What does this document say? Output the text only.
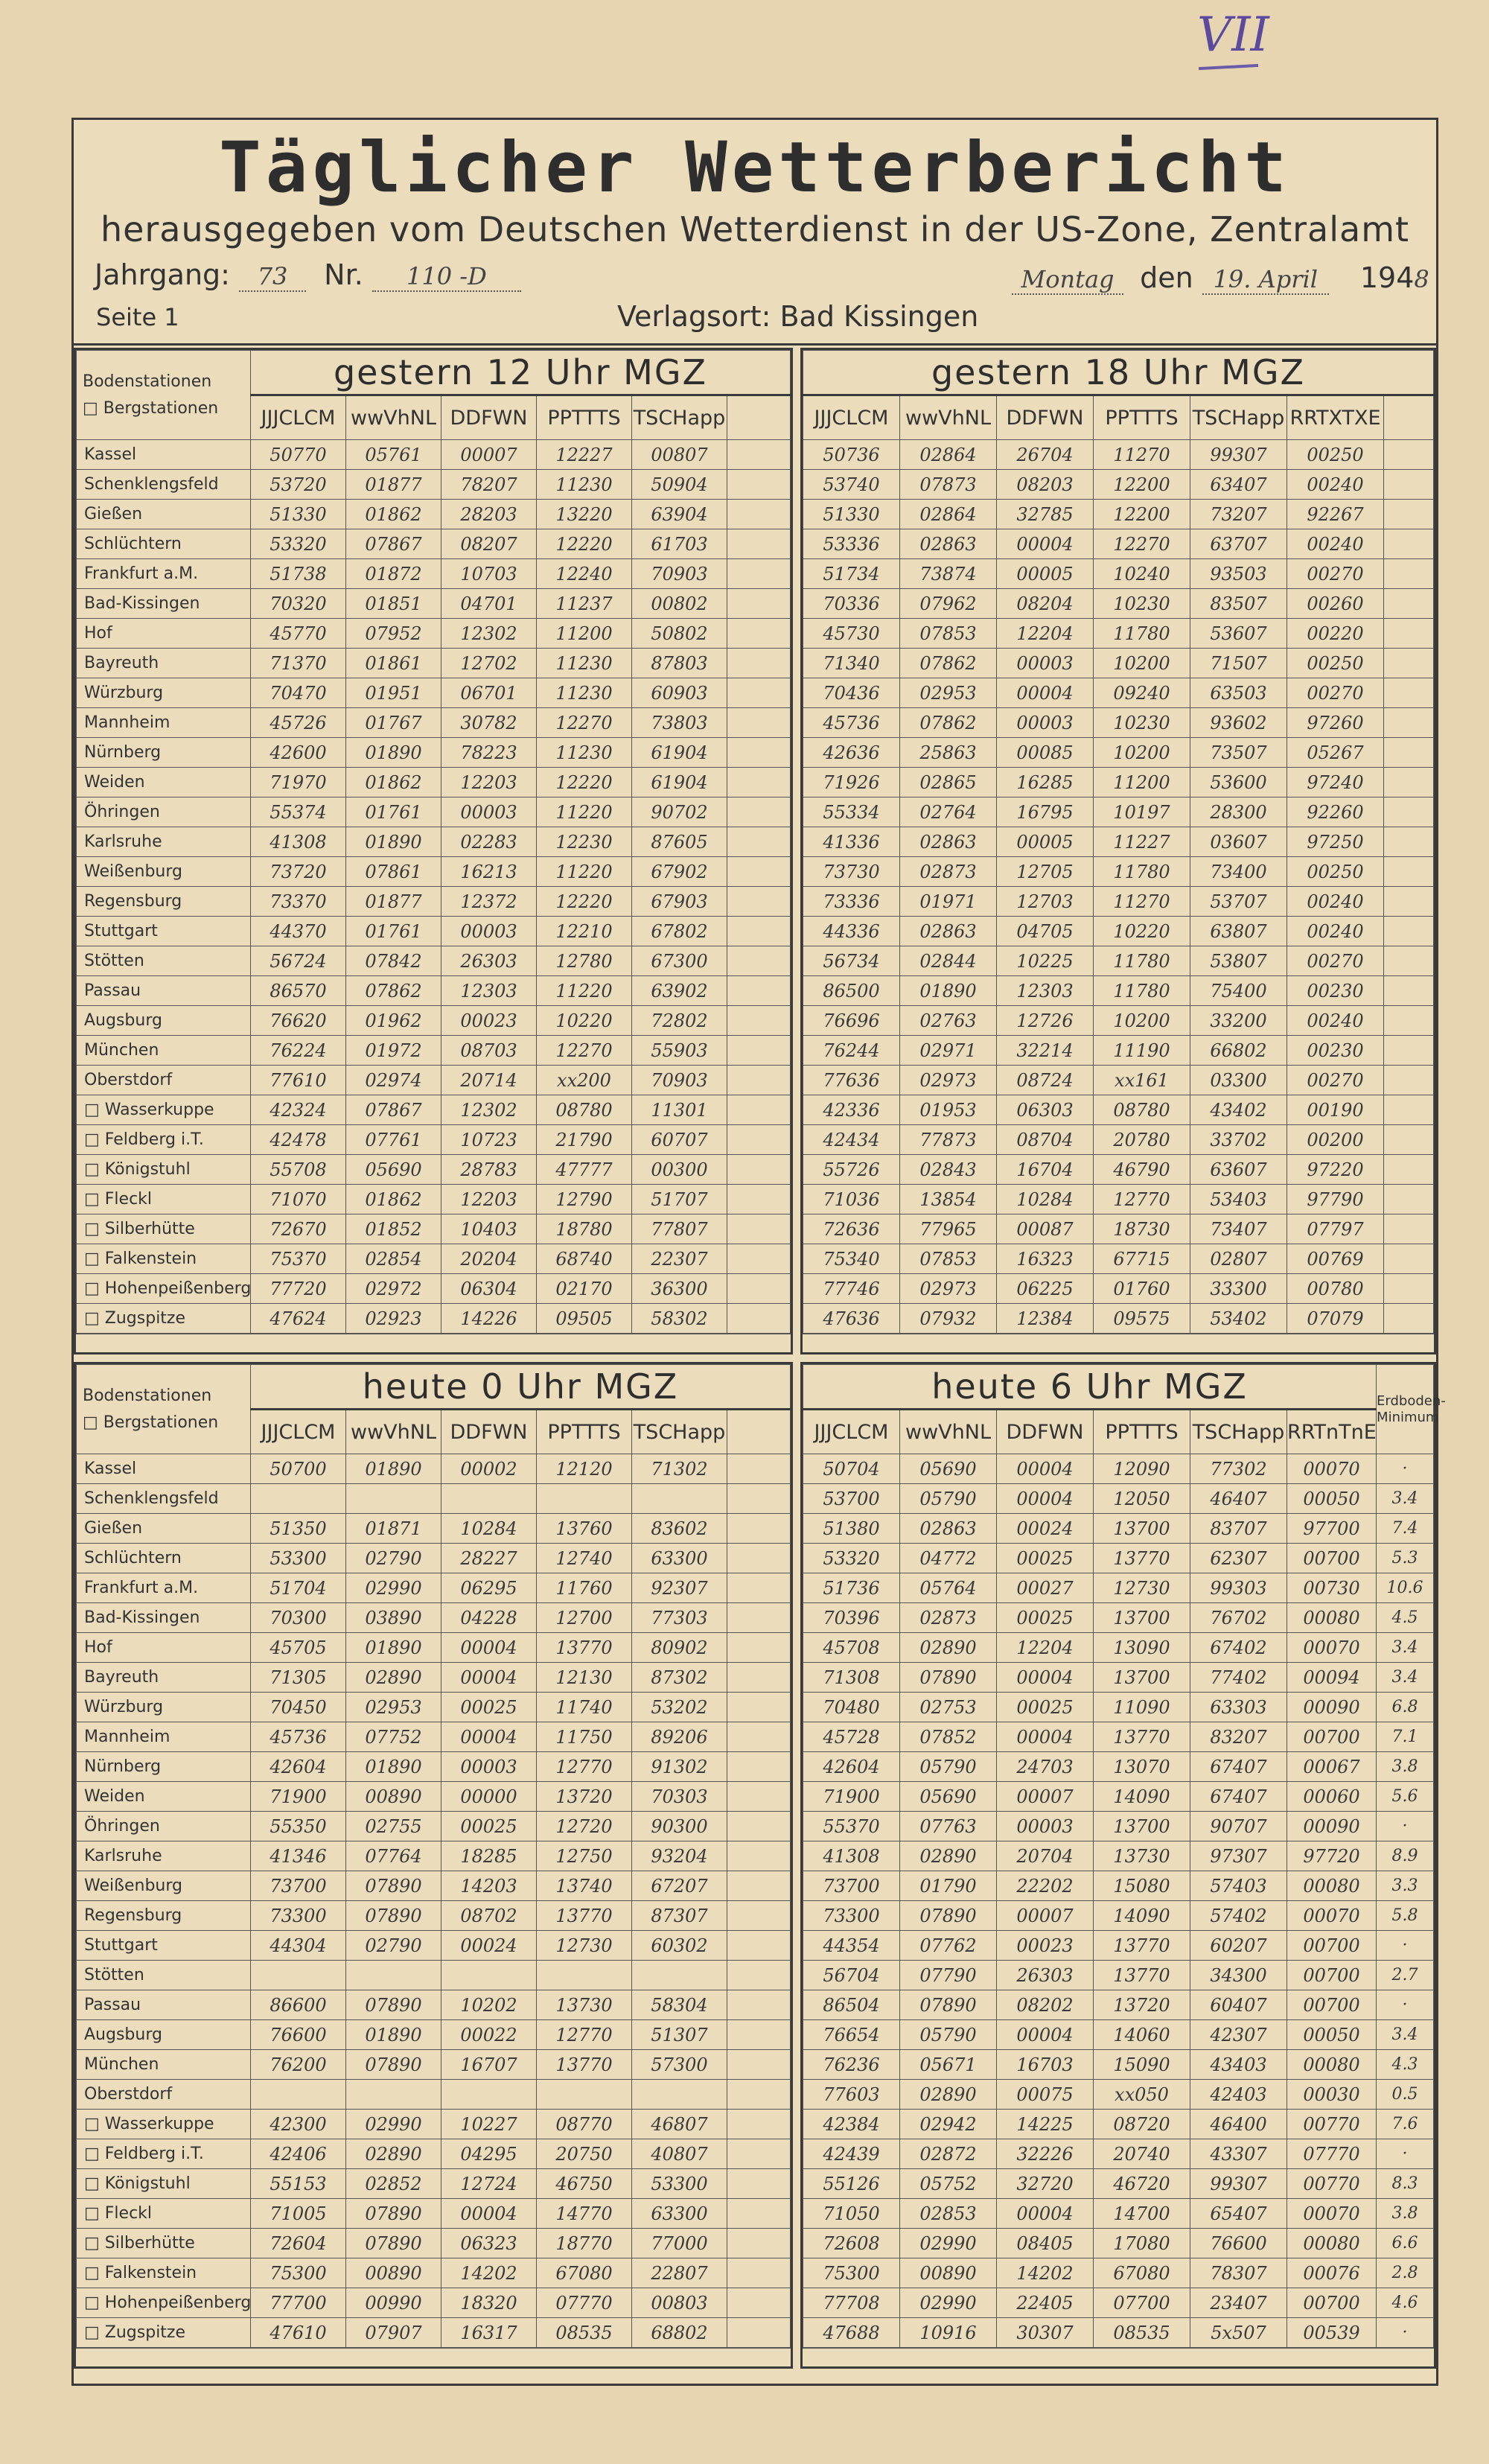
VII
Täglicher Wetterbericht
herausgegeben vom Deutschen Wetterdienst in der US-Zone, Zentralamt
Jahrgang: 73 Nr. 110 -D	Montag den 19. April 1948
Seite 1	Verlagsort: Bad Kissingen
Bodenstationen
□ Bergstationen	gestern 12 Uhr MGZ					
	JJJCLCM	wwVhNL	DDFWN	PPTTTS	TSCHapp	
Kassel	50770	05761	00007	12227	00807	
Schenklengsfeld	53720	01877	78207	11230	50904	
Gießen	51330	01862	28203	13220	63904	
Schlüchtern	53320	07867	08207	12220	61703	
Frankfurt a.M.	51738	01872	10703	12240	70903	
Bad-Kissingen	70320	01851	04701	11237	00802	
Hof	45770	07952	12302	11200	50802	
Bayreuth	71370	01861	12702	11230	87803	
Würzburg	70470	01951	06701	11230	60903	
Mannheim	45726	01767	30782	12270	73803	
Nürnberg	42600	01890	78223	11230	61904	
Weiden	71970	01862	12203	12220	61904	
Öhringen	55374	01761	00003	11220	90702	
Karlsruhe	41308	01890	02283	12230	87605	
Weißenburg	73720	07861	16213	11220	67902	
Regensburg	73370	01877	12372	12220	67903	
Stuttgart	44370	01761	00003	12210	67802	
Stötten	56724	07842	26303	12780	67300	
Passau	86570	07862	12303	11220	63902	
Augsburg	76620	01962	00023	10220	72802	
München	76224	01972	08703	12270	55903	
Oberstdorf	77610	02974	20714	xx200	70903	
□ Wasserkuppe	42324	07867	12302	08780	11301	
□ Feldberg i.T.	42478	07761	10723	21790	60707	
□ Königstuhl	55708	05690	28783	47777	00300	
□ Fleckl	71070	01862	12203	12790	51707	
□ Silberhütte	72670	01852	10403	18780	77807	
□ Falkenstein	75370	02854	20204	68740	22307	
□ Hohenpeißenberg	77720	02972	06304	02170	36300	
□ Zugspitze	47624	02923	14226	09505	58302	

gestern 18 Uhr MGZ						
JJJCLCM	wwVhNL	DDFWN	PPTTTS	TSCHapp	RRTXTXE	
50736	02864	26704	11270	99307	00250	
53740	07873	08203	12200	63407	00240	
51330	02864	32785	12200	73207	92267	
53336	02863	00004	12270	63707	00240	
51734	73874	00005	10240	93503	00270	
70336	07962	08204	10230	83507	00260	
45730	07853	12204	11780	53607	00220	
71340	07862	00003	10200	71507	00250	
70436	02953	00004	09240	63503	00270	
45736	07862	00003	10230	93602	97260	
42636	25863	00085	10200	73507	05267	
71926	02865	16285	11200	53600	97240	
55334	02764	16795	10197	28300	92260	
41336	02863	00005	11227	03607	97250	
73730	02873	12705	11780	73400	00250	
73336	01971	12703	11270	53707	00240	
44336	02863	04705	10220	63807	00240	
56734	02844	10225	11780	53807	00270	
86500	01890	12303	11780	75400	00230	
76696	02763	12726	10200	33200	00240	
76244	02971	32214	11190	66802	00230	
77636	02973	08724	xx161	03300	00270	
42336	01953	06303	08780	43402	00190	
42434	77873	08704	20780	33702	00200	
55726	02843	16704	46790	63607	97220	
71036	13854	10284	12770	53403	97790	
72636	77965	00087	18730	73407	07797	
75340	07853	16323	67715	02807	00769	
77746	02973	06225	01760	33300	00780	
47636	07932	12384	09575	53402	07079	

Bodenstationen
□ Bergstationen	heute 0 Uhr MGZ					
	JJJCLCM	wwVhNL	DDFWN	PPTTTS	TSCHapp	
Kassel	50700	01890	00002	12120	71302	
Schenklengsfeld						
Gießen	51350	01871	10284	13760	83602	
Schlüchtern	53300	02790	28227	12740	63300	
Frankfurt a.M.	51704	02990	06295	11760	92307	
Bad-Kissingen	70300	03890	04228	12700	77303	
Hof	45705	01890	00004	13770	80902	
Bayreuth	71305	02890	00004	12130	87302	
Würzburg	70450	02953	00025	11740	53202	
Mannheim	45736	07752	00004	11750	89206	
Nürnberg	42604	01890	00003	12770	91302	
Weiden	71900	00890	00000	13720	70303	
Öhringen	55350	02755	00025	12720	90300	
Karlsruhe	41346	07764	18285	12750	93204	
Weißenburg	73700	07890	14203	13740	67207	
Regensburg	73300	07890	08702	13770	87307	
Stuttgart	44304	02790	00024	12730	60302	
Stötten						
Passau	86600	07890	10202	13730	58304	
Augsburg	76600	01890	00022	12770	51307	
München	76200	07890	16707	13770	57300	
Oberstdorf						
□ Wasserkuppe	42300	02990	10227	08770	46807	
□ Feldberg i.T.	42406	02890	04295	20750	40807	
□ Königstuhl	55153	02852	12724	46750	53300	
□ Fleckl	71005	07890	00004	14770	63300	
□ Silberhütte	72604	07890	06323	18770	77000	
□ Falkenstein	75300	00890	14202	67080	22807	
□ Hohenpeißenberg	77700	00990	18320	07770	00803	
□ Zugspitze	47610	07907	16317	08535	68802	

heute 6 Uhr MGZ						Erdboden-Minimum
JJJCLCM	wwVhNL	DDFWN	PPTTTS	TSCHapp	RRTnTnE	
50704	05690	00004	12090	77302	00070	·
53700	05790	00004	12050	46407	00050	3.4
51380	02863	00024	13700	83707	97700	7.4
53320	04772	00025	13770	62307	00700	5.3
51736	05764	00027	12730	99303	00730	10.6
70396	02873	00025	13700	76702	00080	4.5
45708	02890	12204	13090	67402	00070	3.4
71308	07890	00004	13700	77402	00094	3.4
70480	02753	00025	11090	63303	00090	6.8
45728	07852	00004	13770	83207	00700	7.1
42604	05790	24703	13070	67407	00067	3.8
71900	05690	00007	14090	67407	00060	5.6
55370	07763	00003	13700	90707	00090	·
41308	02890	20704	13730	97307	97720	8.9
73700	01790	22202	15080	57403	00080	3.3
73300	07890	00007	14090	57402	00070	5.8
44354	07762	00023	13770	60207	00700	·
56704	07790	26303	13770	34300	00700	2.7
86504	07890	08202	13720	60407	00700	·
76654	05790	00004	14060	42307	00050	3.4
76236	05671	16703	15090	43403	00080	4.3
77603	02890	00075	xx050	42403	00030	0.5
42384	02942	14225	08720	46400	00770	7.6
42439	02872	32226	20740	43307	07770	·
55126	05752	32720	46720	99307	00770	8.3
71050	02853	00004	14700	65407	00070	3.8
72608	02990	08405	17080	76600	00080	6.6
75300	00890	14202	67080	78307	00076	2.8
77708	02990	22405	07700	23407	00700	4.6
47688	10916	30307	08535	5x507	00539	·
